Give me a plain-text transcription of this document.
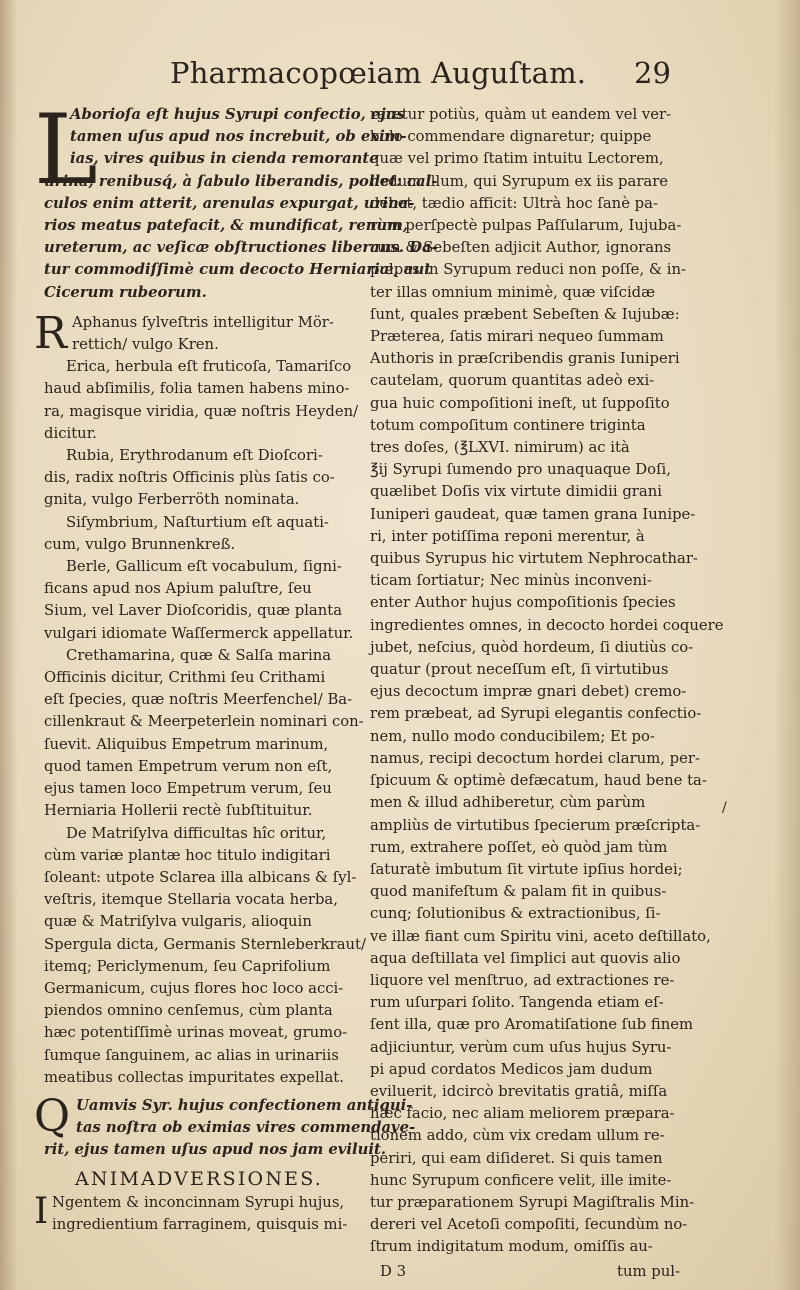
Pharmacopœiam Auguſtam.	29
L
Aborioſa eſt hujus Syrupi confectio, ejus
tamen uſus apud nos increbuit, ob exim-
ias, vires quibus in cienda remorante
urina, renibusq́, à ſabulo liberandis, pollet: cal-
culos enim atterit, arenulas expurgat, urina-
rios meatus patefacit, & mundificat, renum,
ureterum, ac veſicæ obſtructiones liberans. Da-
tur commodiſſimè cum decocto Herniariæ, aut
Cicerum rubeorum.
R Aphanus ſylveſtris intelligitur Mör-
rettich/ vulgo Kren.
Erica, herbula eſt fruticoſa, Tamariſco
haud abſimilis, folia tamen habens mino-
ra, magisque viridia, quæ noſtris Heyden/
dicitur.
Rubia, Erythrodanum eſt Dioſcori-
dis, radix noſtris Officinis plùs ſatis co-
gnita, vulgo Ferberröth nominata.
Siſymbrium, Naſturtium eſt aquati-
cum, vulgo Brunnenkreß.
Berle, Gallicum eſt vocabulum, ſigni-
ficans apud nos Apium paluſtre, ſeu
Sium, vel Laver Dioſcoridis, quæ planta
vulgari idiomate Waſſermerck appellatur.
Crethamarina, quæ & Salſa marina
Officinis dicitur, Crithmi ſeu Crithami
eſt ſpecies, quæ noſtris Meerfenchel/ Ba-
cillenkraut & Meerpeterlein nominari con-
ſuevit. Aliquibus Empetrum marinum,
quod tamen Empetrum verum non eſt,
ejus tamen loco Empetrum verum, ſeu
Herniaria Hollerii rectè ſubſtituitur.
De Matriſylva difficultas hîc oritur,
cùm variæ plantæ hoc titulo indigitari
ſoleant: utpote Sclarea illa albicans & ſyl-
veſtris, itemque Stellaria vocata herba,
quæ & Matriſylva vulgaris, alioquin
Spergula dicta, Germanis Sternleberkraut/
itemq; Periclymenum, ſeu Caprifolium
Germanicum, cujus flores hoc loco acci-
piendos omnino cenſemus, cùm planta
hæc potentiſſimè urinas moveat, grumo-
ſumque ſanguinem, ac alias in urinariis
meatibus collectas impuritates expellat.
Q Uamvis Syr. hujus confectionem antiqui-
tas noſtra ob eximias vires commendave-
rit, ejus tamen uſus apud nos jam eviluit.
ANIMADVERSIONES.
I Ngentem & inconcinnam Syrupi hujus,
ingredientium farraginem, quisquis mi-
raretur potiùs, quàm ut eandem vel ver-
bulo commendare dignaretur; quippe
quæ vel primo ſtatim intuitu Lectorem,
nedum illum, qui Syrupum ex iis parare
debet, tædio afficit: Ultrà hoc ſanè pa-
rùm perſpectè pulpas Paſſularum, Iujuba-
rum & Sebeſten adjicit Author, ignorans
pulpas in Syrupum reduci non poſſe, & in-
ter illas omnium minimè, quæ viſcidæ
ſunt, quales præbent Sebeſten & Iujubæ:
Præterea, ſatis mirari nequeo ſummam
Authoris in præſcribendis granis Iuniperi
cautelam, quorum quantitas adeò exi-
gua huic compoſitioni ineſt, ut ſuppoſito
totum compoſitum continere triginta
tres doſes, (℥LXVI. nimirum) ac ità
℥ij Syrupi ſumendo pro unaquaque Doſi,
quælibet Doſis vix virtute dimidii grani
Iuniperi gaudeat, quæ tamen grana Iunipe-
ri, inter potiſſima reponi merentur, à
quibus Syrupus hic virtutem Nephrocathar-
ticam ſortiatur; Nec minùs inconveni-
enter Author hujus compoſitionis ſpecies
ingredientes omnes, in decocto hordei coquere
jubet, neſcius, quòd hordeum, ſi diutiùs co-
quatur (prout neceſſum eſt, ſi virtutibus
ejus decoctum impræ gnari debet) cremo-
rem præbeat, ad Syrupi elegantis confectio-
nem, nullo modo conducibilem; Et po-
namus, recipi decoctum hordei clarum, per-
ſpicuum & optimè defæcatum, haud bene ta-
men & illud adhiberetur, cùm parùm
ampliùs de virtutibus ſpecierum præſcripta-
rum, extrahere poſſet, eò quòd jam tùm
ſaturatè imbutum ſit virtute ipſius hordei;
quod manifeſtum & palam fit in quibus-
cunq; ſolutionibus & extractionibus, ſi-
ve illæ fiant cum Spiritu vini, aceto deſtillato,
aqua deſtillata vel ſimplici aut quovis alio
liquore vel menſtruo, ad extractiones re-
rum uſurpari ſolito. Tangenda etiam eſ-
ſent illa, quæ pro Aromatiſatione ſub finem
adjiciuntur, verùm cum uſus hujus Syru-
pi apud cordatos Medicos jam dudum
eviluerit, idcircò brevitatis gratiâ, miſſa
hæc facio, nec aliam meliorem præpara-
tionem addo, cùm vix credam ullum re-
periri, qui eam diſideret. Si quis tamen
hunc Syrupum conficere velit, ille imite-
tur præparationem Syrupi Magiſtralis Min-
dereri vel Acetoſi compoſiti, ſecundùm no-
ſtrum indigitatum modum, omiſſis au-
D 3	tum pul-
/
